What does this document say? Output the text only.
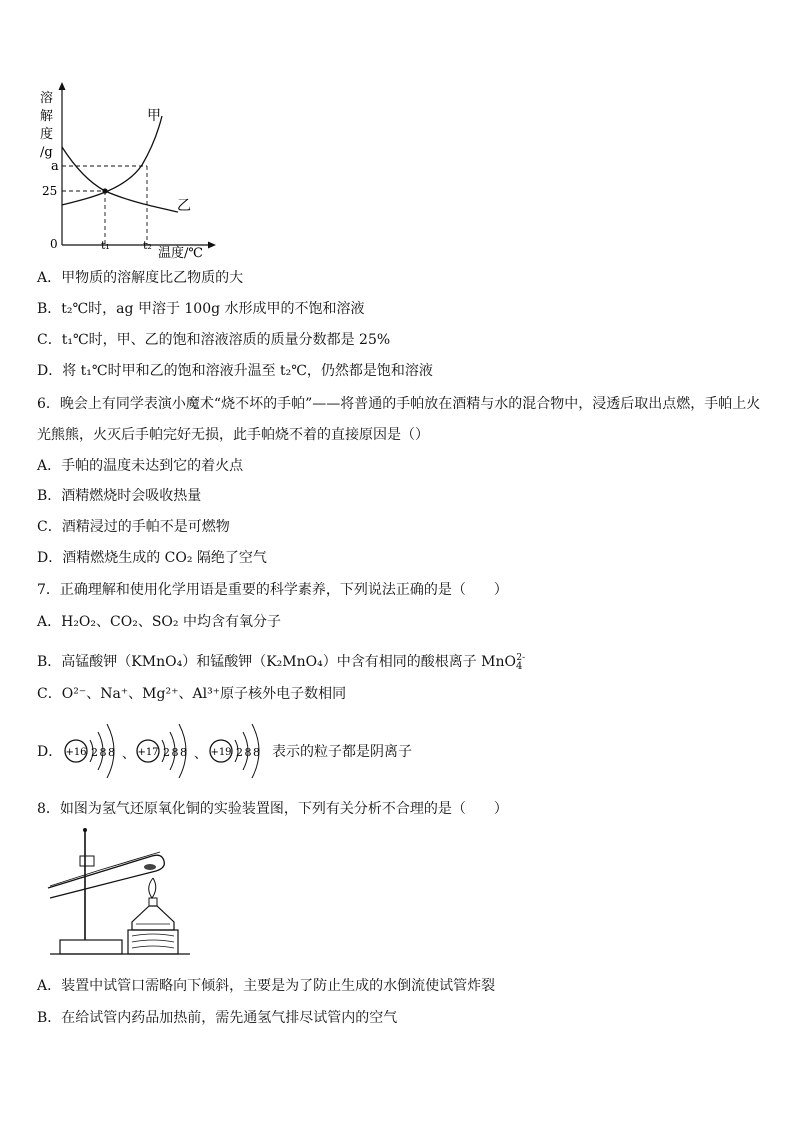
溶
解
度
/g
a
25
0	t₁	t₂
温度/℃
甲
乙
A．甲物质的溶解度比乙物质的大
B．t₂℃时，ag 甲溶于 100g 水形成甲的不饱和溶液
C．t₁℃时，甲、乙的饱和溶液溶质的质量分数都是 25%
D．将 t₁℃时甲和乙的饱和溶液升温至 t₂℃，仍然都是饱和溶液
6．晚会上有同学表演小魔术“烧不坏的手帕”——将普通的手帕放在酒精与水的混合物中，浸透后取出点燃，手帕上火
光熊熊，火灭后手帕完好无损，此手帕烧不着的直接原因是（）
A．手帕的温度未达到它的着火点
B．酒精燃烧时会吸收热量
C．酒精浸过的手帕不是可燃物
D．酒精燃烧生成的 CO₂ 隔绝了空气
7．正确理解和使用化学用语是重要的科学素养，下列说法正确的是（　　）
A．H₂O₂、CO₂、SO₂ 中均含有氧分子
B．高锰酸钾（KMnO₄）和锰酸钾（K₂MnO₄）中含有相同的酸根离子 MnO$_4^{2-}$
C．O²⁻、Na⁺、Mg²⁺、Al³⁺原子核外电子数相同
D． +16 2 8 8 、 +17 2 8 8 、 +19 2 8 8 表示的粒子都是阴离子
8．如图为氢气还原氧化铜的实验装置图，下列有关分析不合理的是（　　）
A．装置中试管口需略向下倾斜，主要是为了防止生成的水倒流使试管炸裂
B．在给试管内药品加热前，需先通氢气排尽试管内的空气
